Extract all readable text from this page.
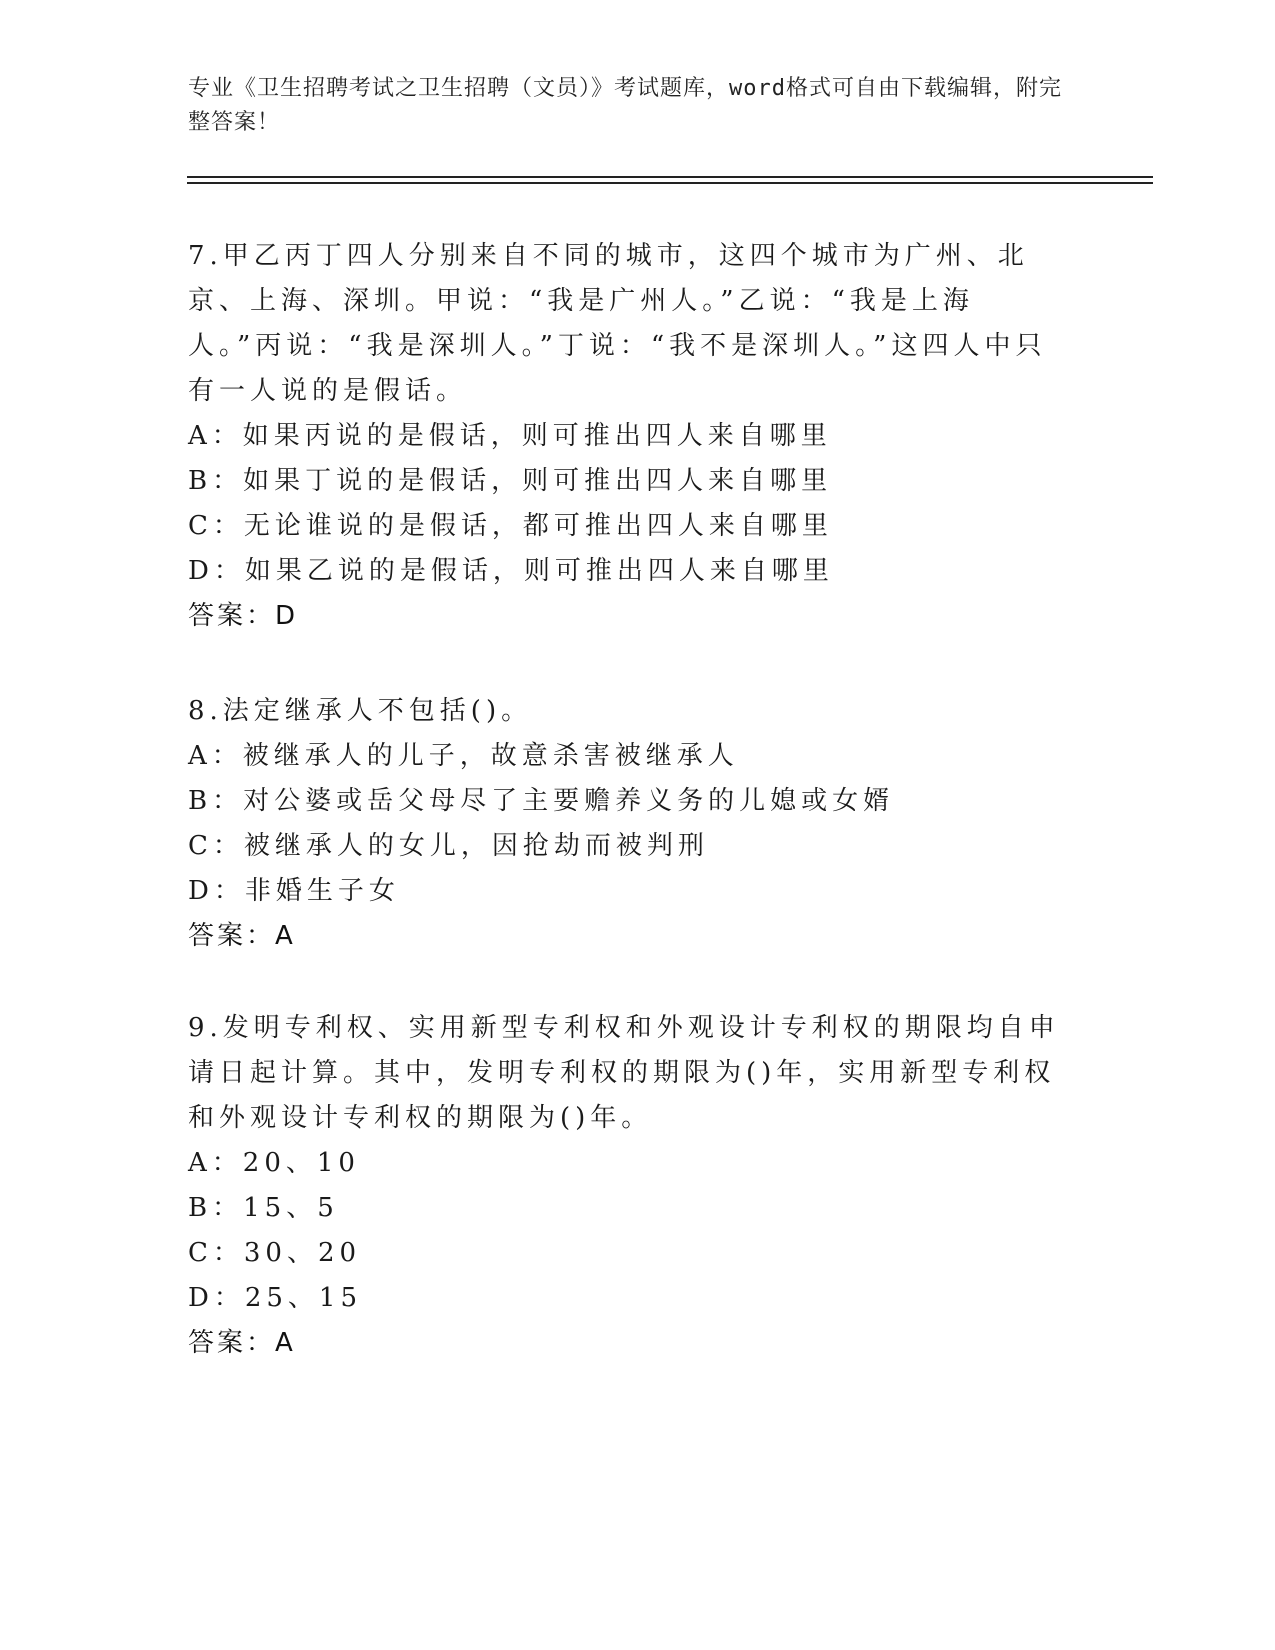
专业《卫生招聘考试之卫生招聘（文员）》考试题库，word格式可自由下载编辑，附完整答案！

7.甲乙丙丁四人分别来自不同的城市，这四个城市为广州、北京、上海、深圳。甲说：“我是广州人。”乙说：“我是上海人。”丙说：“我是深圳人。”丁说：“我不是深圳人。”这四人中只有一人说的是假话。

A：如果丙说的是假话，则可推出四人来自哪里

B：如果丁说的是假话，则可推出四人来自哪里

C：无论谁说的是假话，都可推出四人来自哪里

D：如果乙说的是假话，则可推出四人来自哪里

答案：D

8.法定继承人不包括()。

A：被继承人的儿子，故意杀害被继承人

B：对公婆或岳父母尽了主要赡养义务的儿媳或女婿

C：被继承人的女儿，因抢劫而被判刑

D：非婚生子女

答案：A

9.发明专利权、实用新型专利权和外观设计专利权的期限均自申请日起计算。其中，发明专利权的期限为()年，实用新型专利权和外观设计专利权的期限为()年。

A：20、10

B：15、5

C：30、20

D：25、15

答案：A
